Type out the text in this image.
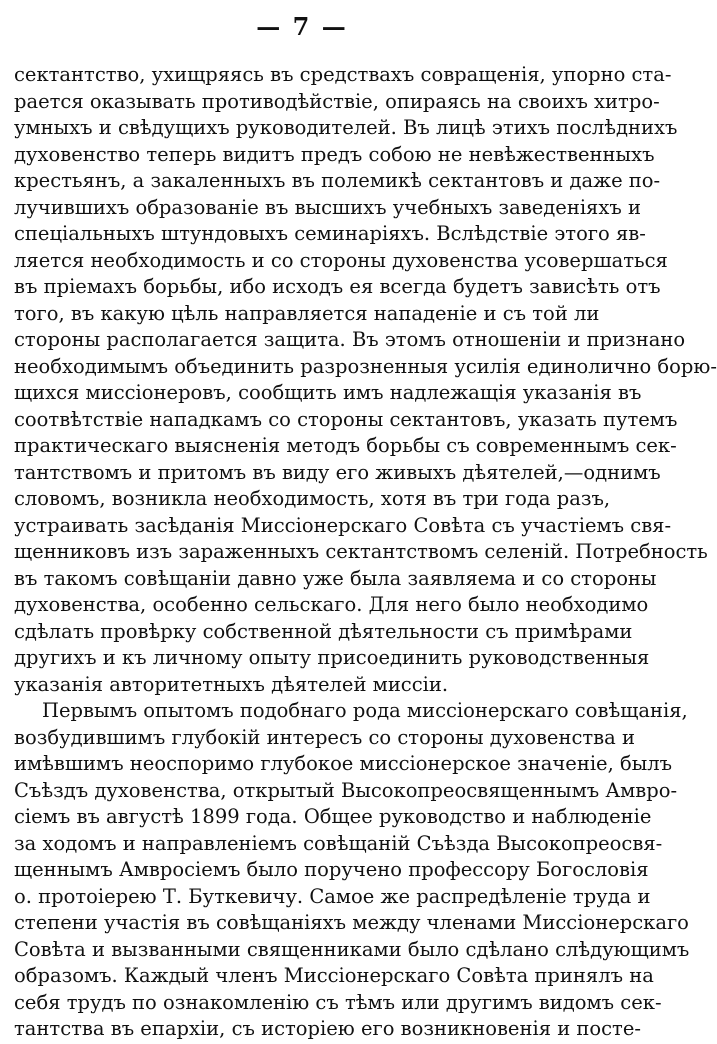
— 7 —
сектантство, ухищряясь въ средствахъ совращенія, упорно ста-
рается оказывать противодѣйствіе, опираясь на своихъ хитро-
умныхъ и свѣдущихъ руководителей. Въ лицѣ этихъ послѣднихъ
духовенство теперь видитъ предъ собою не невѣжественныхъ
крестьянъ, а закаленныхъ въ полемикѣ сектантовъ и даже по-
лучившихъ образованіе въ высшихъ учебныхъ заведеніяхъ и
спеціальныхъ штундовыхъ семинаріяхъ. Вслѣдствіе этого яв-
ляется необходимость и со стороны духовенства усовершаться
въ пріемахъ борьбы, ибо исходъ ея всегда будетъ зависѣть отъ
того, въ какую цѣль направляется нападеніе и съ той ли
стороны располагается защита. Въ этомъ отношеніи и признано
необходимымъ объединить разрозненныя усилія единолично борю-
щихся миссіонеровъ, сообщить имъ надлежащія указанія въ
соотвѣтствіе нападкамъ со стороны сектантовъ, указать путемъ
практическаго выясненія методъ борьбы съ современнымъ сек-
тантствомъ и притомъ въ виду его живыхъ дѣятелей,—однимъ
словомъ, возникла необходимость, хотя въ три года разъ,
устраивать засѣданія Миссіонерскаго Совѣта съ участіемъ свя-
щенниковъ изъ зараженныхъ сектантствомъ селеній. Потребность
въ такомъ совѣщаніи давно уже была заявляема и со стороны
духовенства, особенно сельскаго. Для него было необходимо
сдѣлать провѣрку собственной дѣятельности съ примѣрами
другихъ и къ личному опыту присоединить руководственныя
указанія авторитетныхъ дѣятелей миссіи.
Первымъ опытомъ подобнаго рода миссіонерскаго совѣщанія,
возбудившимъ глубокій интересъ со стороны духовенства и
имѣвшимъ неоспоримо глубокое миссіонерское значеніе, былъ
Съѣздъ духовенства, открытый Высокопреосвященнымъ Амвро-
сіемъ въ августѣ 1899 года. Общее руководство и наблюденіе
за ходомъ и направленіемъ совѣщаній Съѣзда Высокопреосвя-
щеннымъ Амвросіемъ было поручено профессору Богословія
о. протоіерею Т. Буткевичу. Самое же распредѣленіе труда и
степени участія въ совѣщаніяхъ между членами Миссіонерскаго
Совѣта и вызванными священниками было сдѣлано слѣдующимъ
образомъ. Каждый членъ Миссіонерскаго Совѣта принялъ на
себя трудъ по ознакомленію съ тѣмъ или другимъ видомъ сек-
тантства въ епархіи, съ исторіею его возникновенія и посте-
